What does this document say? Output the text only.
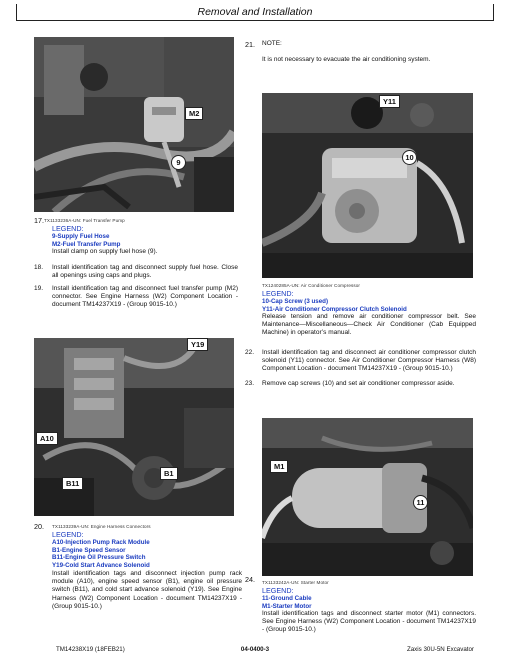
Removal and Installation
M2
9
TX1133236A-UN: Fuel Transfer Pump
17.
LEGEND:
9-Supply Fuel Hose
M2-Fuel Transfer Pump
Install clamp on supply fuel hose (9).
18. Install identification tag and disconnect supply fuel hose. Close all openings using caps and plugs.
19. Install identification tag and disconnect fuel transfer pump (M2) connector. See Engine Harness (W2) Component Location - document TM14237X19 - (Group 9015-10.)
Y19
A10
B1
B11
20. TX1133239A-UN: Engine Harness Connectors
LEGEND:
A10-Injection Pump Rack Module
B1-Engine Speed Sensor
B11-Engine Oil Pressure Switch
Y19-Cold Start Advance Solenoid
Install identification tags and disconnect injection pump rack module (A10), engine speed sensor (B1), engine oil pressure switch (B11), and cold start advance solenoid (Y19). See Engine Harness (W2) Component Location - document TM14237X19 - (Group 9015-10.)
21. NOTE:
It is not necessary to evacuate the air conditioning system.
Y11
10
TX1240285A-UN: Air Conditioner Compressor
LEGEND:
10-Cap Screw (3 used)
Y11-Air Conditioner Compressor Clutch Solenoid
Release tension and remove air conditioner compressor belt. See Maintenance—Miscellaneous—Check Air Conditioner (Cab Equipped Machine) in operator’s manual.
22. Install identification tag and disconnect air conditioner compressor clutch solenoid (Y11) connector. See Air Conditioner Compressor Harness (W8) Component Location - document TM14237X19 - (Group 9015-10.)
23. Remove cap screws (10) and set air conditioner compressor aside.
M1
11
24. TX1133242A-UN: Starter Motor
LEGEND:
11-Ground Cable
M1-Starter Motor
Install identification tags and disconnect starter motor (M1) connectors. See Engine Harness (W2) Component Location - document TM14237X19 - (Group 9015-10.)
TM14238X19 (18FEB21)	04-0400-3	Zaxis 30U-5N Excavator
